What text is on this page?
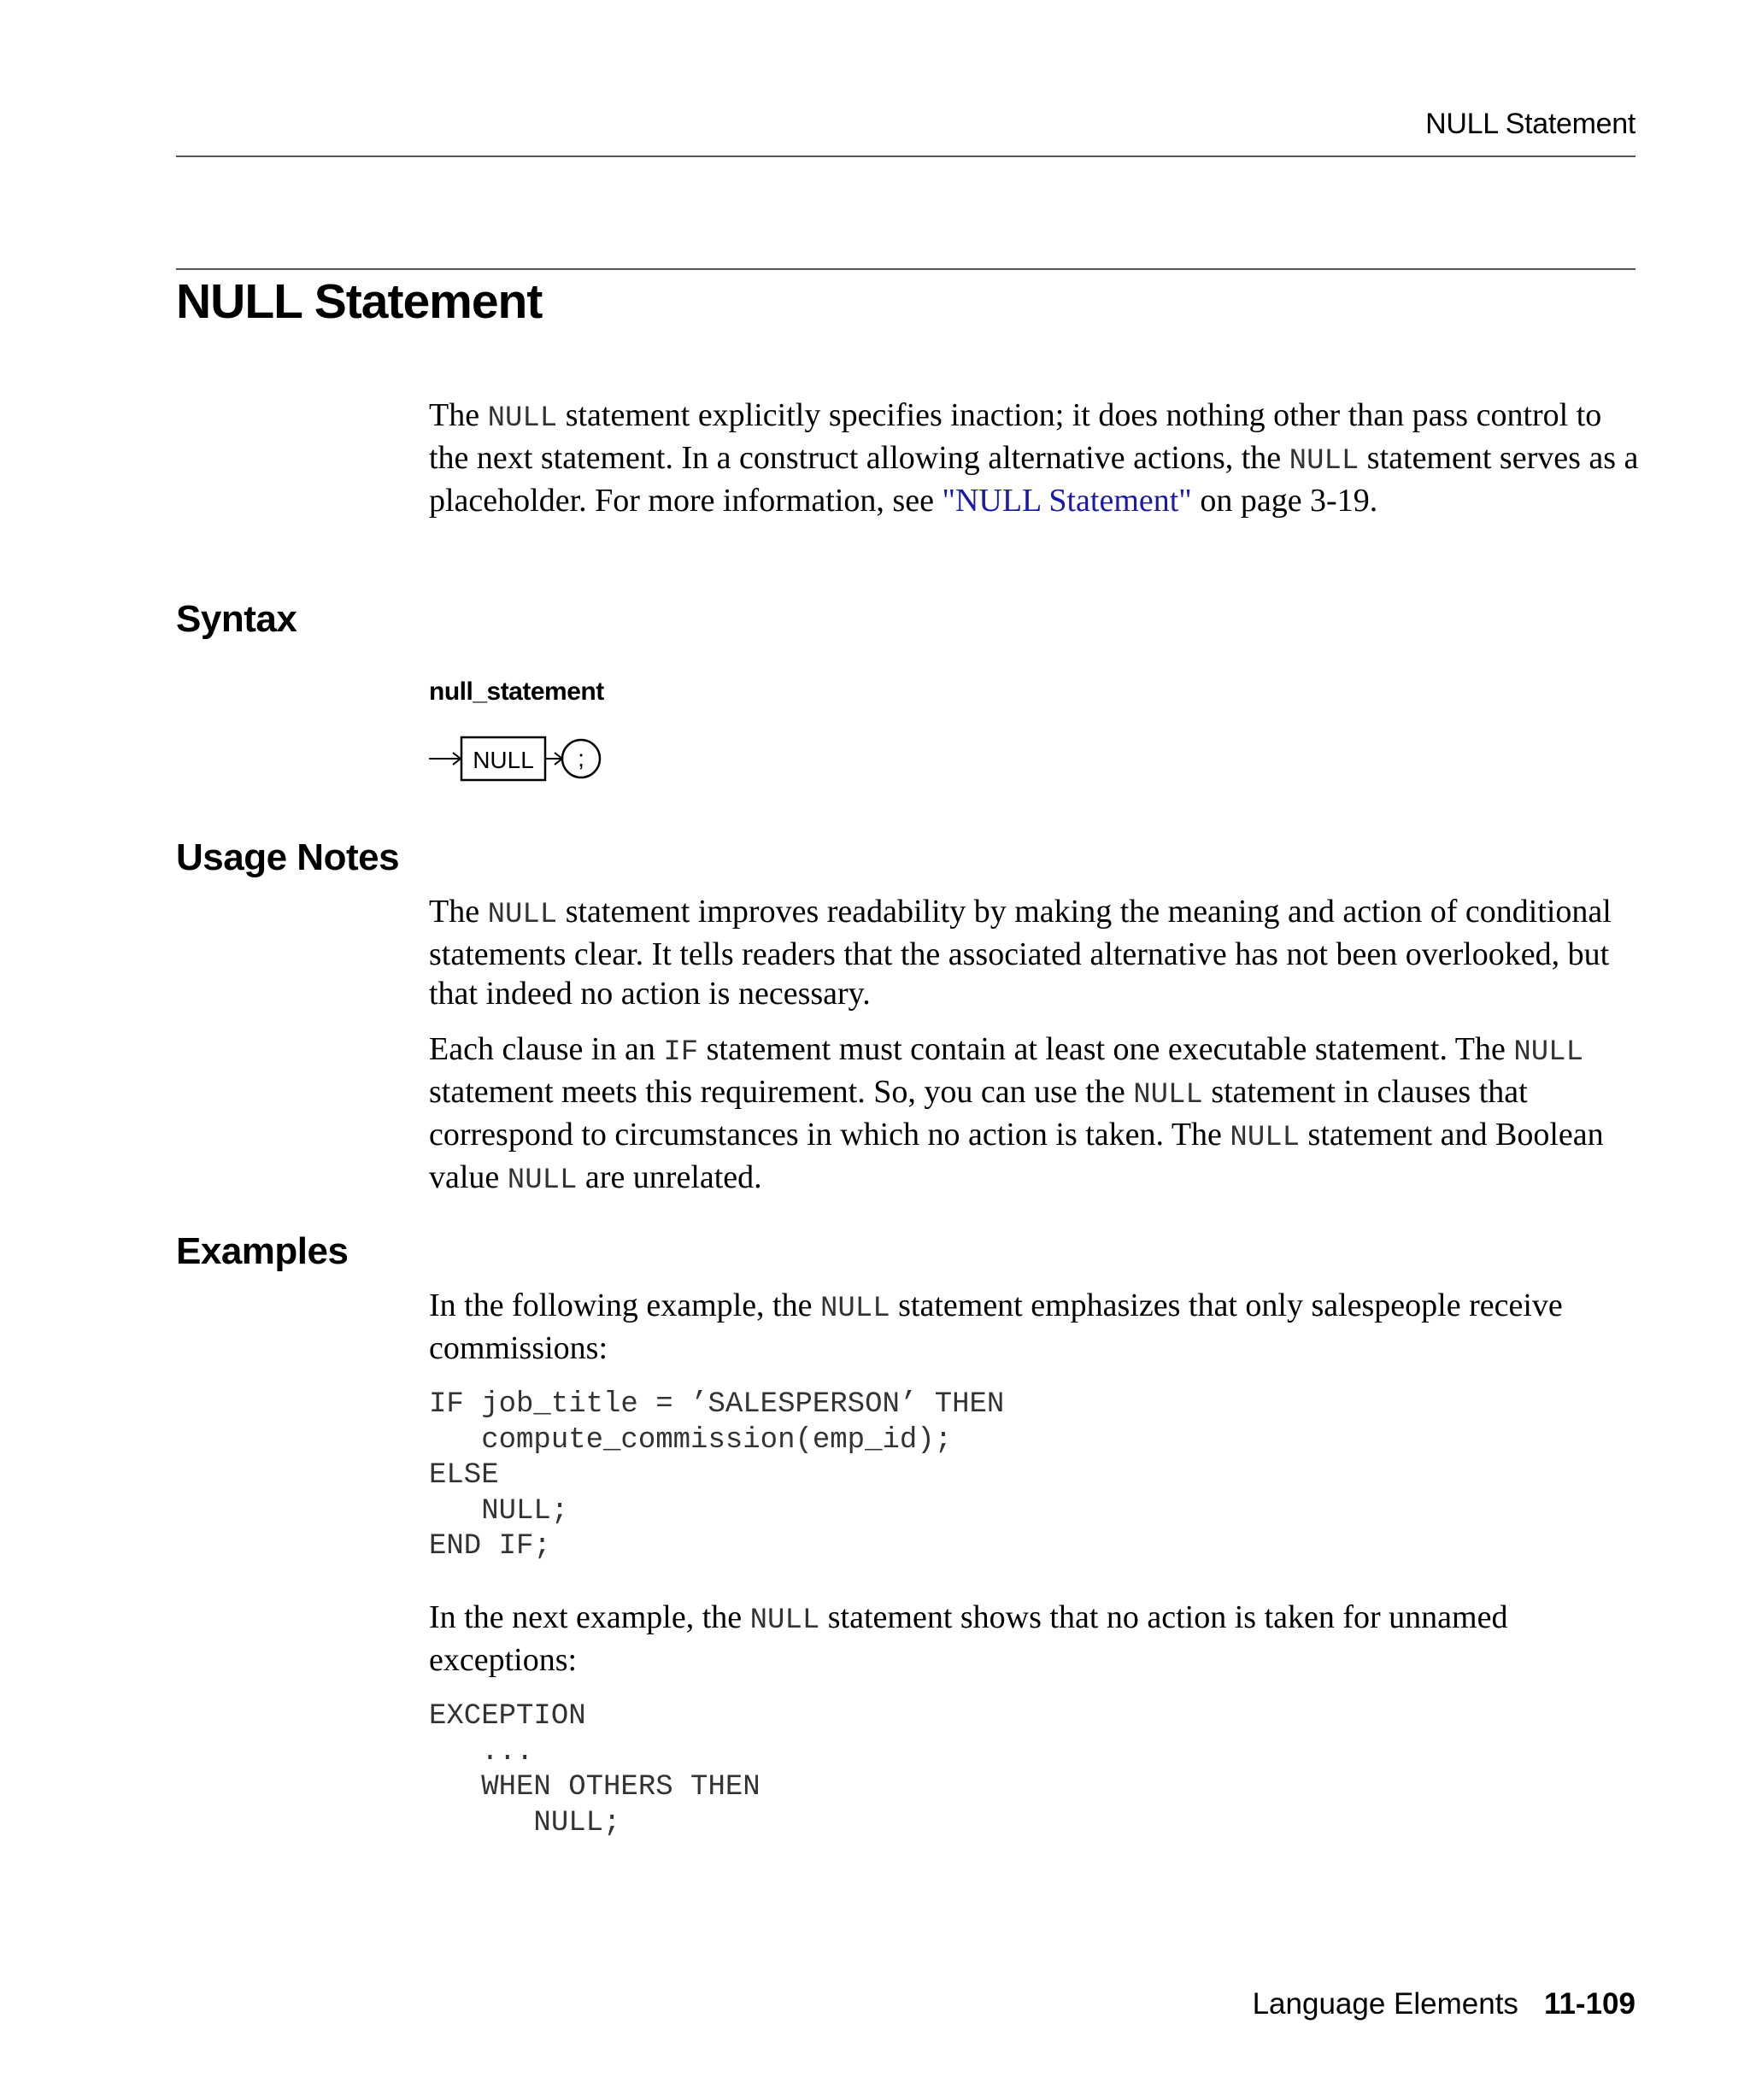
NULL Statement
NULL Statement

The NULL statement explicitly specifies inaction; it does nothing other than pass control to the next statement. In a construct allowing alternative actions, the NULL statement serves as a placeholder. For more information, see "NULL Statement" on page 3-19.

Syntax
null_statement
NULL ;
Usage Notes

The NULL statement improves readability by making the meaning and action of conditional statements clear. It tells readers that the associated alternative has not been overlooked, but that indeed no action is necessary.

Each clause in an IF statement must contain at least one executable statement. The NULL statement meets this requirement. So, you can use the NULL statement in clauses that correspond to circumstances in which no action is taken. The NULL statement and Boolean value NULL are unrelated.

Examples

In the following example, the NULL statement emphasizes that only salespeople receive commissions:

IF job_title = ’SALESPERSON’ THEN
compute_commission(emp_id);
ELSE
NULL;
END IF;

In the next example, the NULL statement shows that no action is taken for unnamed exceptions:

EXCEPTION
...
WHEN OTHERS THEN
NULL;
Language Elements 11-109
